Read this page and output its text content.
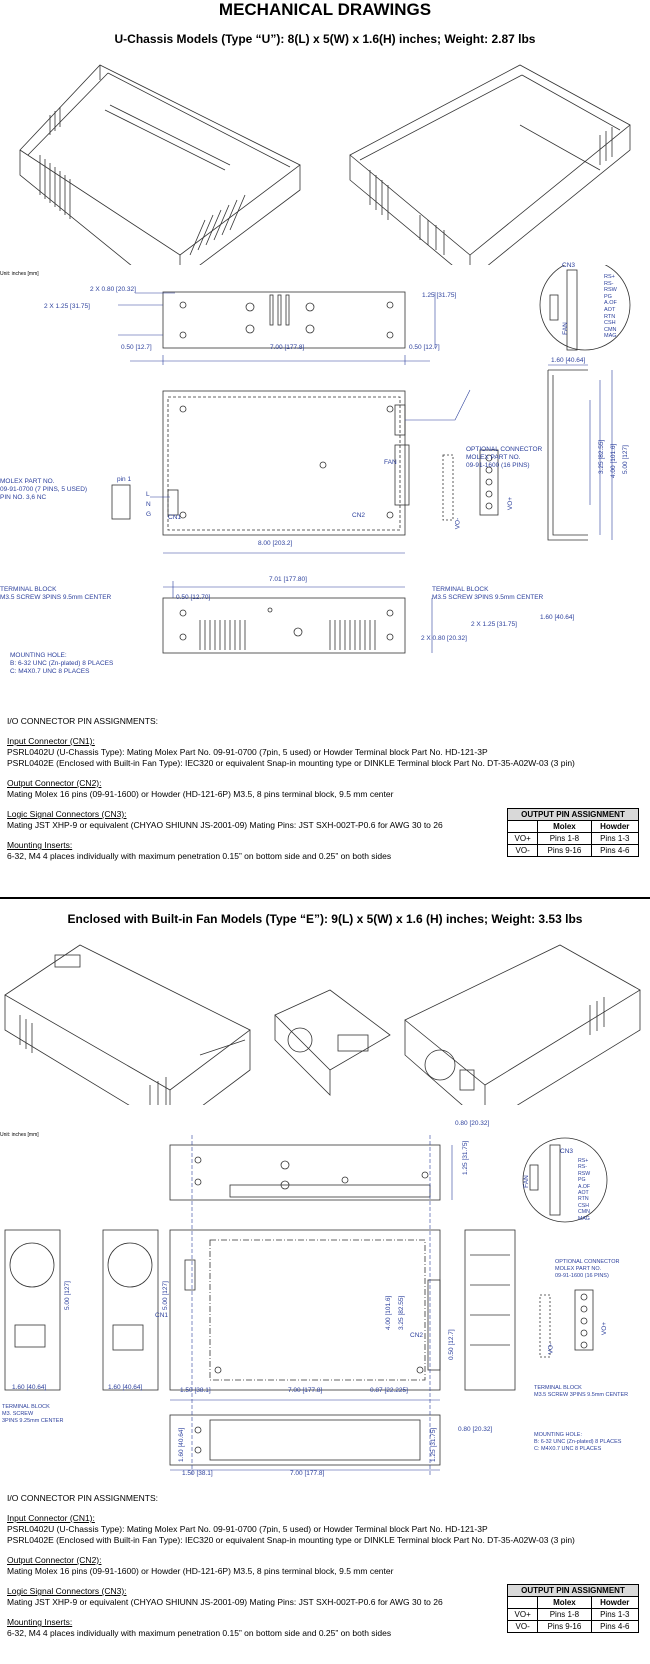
MECHANICAL DRAWINGS
U-Chassis Models (Type “U”): 8(L) x 5(W) x 1.6(H) inches; Weight: 2.87 lbs
Unit: inches [mm]
2 X 0.80 [20.32]
2 X 1.25 [31.75]
1.25 [31.75]
0.50 [12.7]	7.00 [177.8]	0.50 [12.7]
1.60 [40.64]
3.25 [82.55] 4.00 [101.6] 5.00 [127]
8.00 [203.2]
7.01 [177.80]
0.50 [12.70]
1.60 [40.64]
2 X 1.25 [31.75]
2 X 0.80 [20.32]
CN3
RS+
RS-
RSW
PG
A.OF
AOT
RTN
CSH
CMN
MAG
FAN
FAN
CN1	CN2
pin 1
L
N
G
MOLEX PART NO.
09-91-0700 (7 PINS, 5 USED)
PIN NO. 3,6 NC
OPTIONAL CONNECTOR
MOLEX PART NO.
09-91-1600 (16 PINS)
TERMINAL BLOCK
M3.5 SCREW 3PINS 9.5mm CENTER
TERMINAL BLOCK
M3.5 SCREW 3PINS 9.5mm CENTER
MOUNTING HOLE:
B: 6-32 UNC (Zn-plated) 8 PLACES
C: M4X0.7 UNC 8 PLACES
VO-
VO+
I/O CONNECTOR PIN ASSIGNMENTS:
Input Connector (CN1):
PSRL0402U (U-Chassis Type): Mating Molex Part No. 09-91-0700 (7pin, 5 used) or Howder Terminal block Part No. HD-121-3P
PSRL0402E (Enclosed with Built-in Fan Type): IEC320 or equivalent Snap-in mounting type or DINKLE Terminal block Part No. DT-35-A02W-03 (3 pin)
Output Connector (CN2):
Mating Molex 16 pins (09-91-1600) or Howder (HD-121-6P) M3.5, 8 pins terminal block, 9.5 mm center
Logic Signal Connectors (CN3):
Mating JST XHP-9 or equivalent (CHYAO SHIUNN JS-2001-09) Mating Pins: JST SXH-002T-P0.6 for AWG 30 to 26
Mounting Inserts:
6-32, M4 4 places individually with maximum penetration 0.15” on bottom side and 0.25” on both sides
OUTPUT PIN ASSIGNMENT		
	Molex	Howder
VO+	Pins 1-8	Pins 1-3
VO-	Pins 9-16	Pins 4-6
Enclosed with Built-in Fan Models (Type “E”): 9(L) x 5(W) x 1.6 (H) inches; Weight: 3.53 lbs
Unit: inches [mm]
0.80 [20.32]
1.25 [31.75]
5.00 [127]	5.00 [127]
4.00 [101.6] 3.25 [82.55]
0.50 [12.7]
1.60 [40.64]	1.60 [40.64]	1.50 [38.1]	7.00 [177.8]	0.87 [22.225]
0.80 [20.32]
1.25 [31.75]
1.60 [40.64]
1.50 [38.1]	7.00 [177.8]
CN3
RS+
RS-
RSW
PG
A.OF
AOT
RTN
CSH
CMN
MAG
FAN
CN1
CN2
TERMINAL BLOCK
M3. SCREW
3PINS 9.25mm CENTER
OPTIONAL CONNECTOR
MOLEX PART NO.
09-91-1600 (16 PINS)
TERMINAL BLOCK
M3.5 SCREW 3PINS 9.5mm CENTER
MOUNTING HOLE:
B: 6-32 UNC (Zn-plated) 8 PLACES
C: M4X0.7 UNC 8 PLACES
VO-
VO+
I/O CONNECTOR PIN ASSIGNMENTS:
Input Connector (CN1):
PSRL0402U (U-Chassis Type): Mating Molex Part No. 09-91-0700 (7pin, 5 used) or Howder Terminal block Part No. HD-121-3P
PSRL0402E (Enclosed with Built-in Fan Type): IEC320 or equivalent Snap-in mounting type or DINKLE Terminal block Part No. DT-35-A02W-03 (3 pin)
Output Connector (CN2):
Mating Molex 16 pins (09-91-1600) or Howder (HD-121-6P) M3.5, 8 pins terminal block, 9.5 mm center
Logic Signal Connectors (CN3):
Mating JST XHP-9 or equivalent (CHYAO SHIUNN JS-2001-09) Mating Pins: JST SXH-002T-P0.6 for AWG 30 to 26
Mounting Inserts:
6-32, M4 4 places individually with maximum penetration 0.15” on bottom side and 0.25” on both sides
OUTPUT PIN ASSIGNMENT		
	Molex	Howder
VO+	Pins 1-8	Pins 1-3
VO-	Pins 9-16	Pins 4-6
